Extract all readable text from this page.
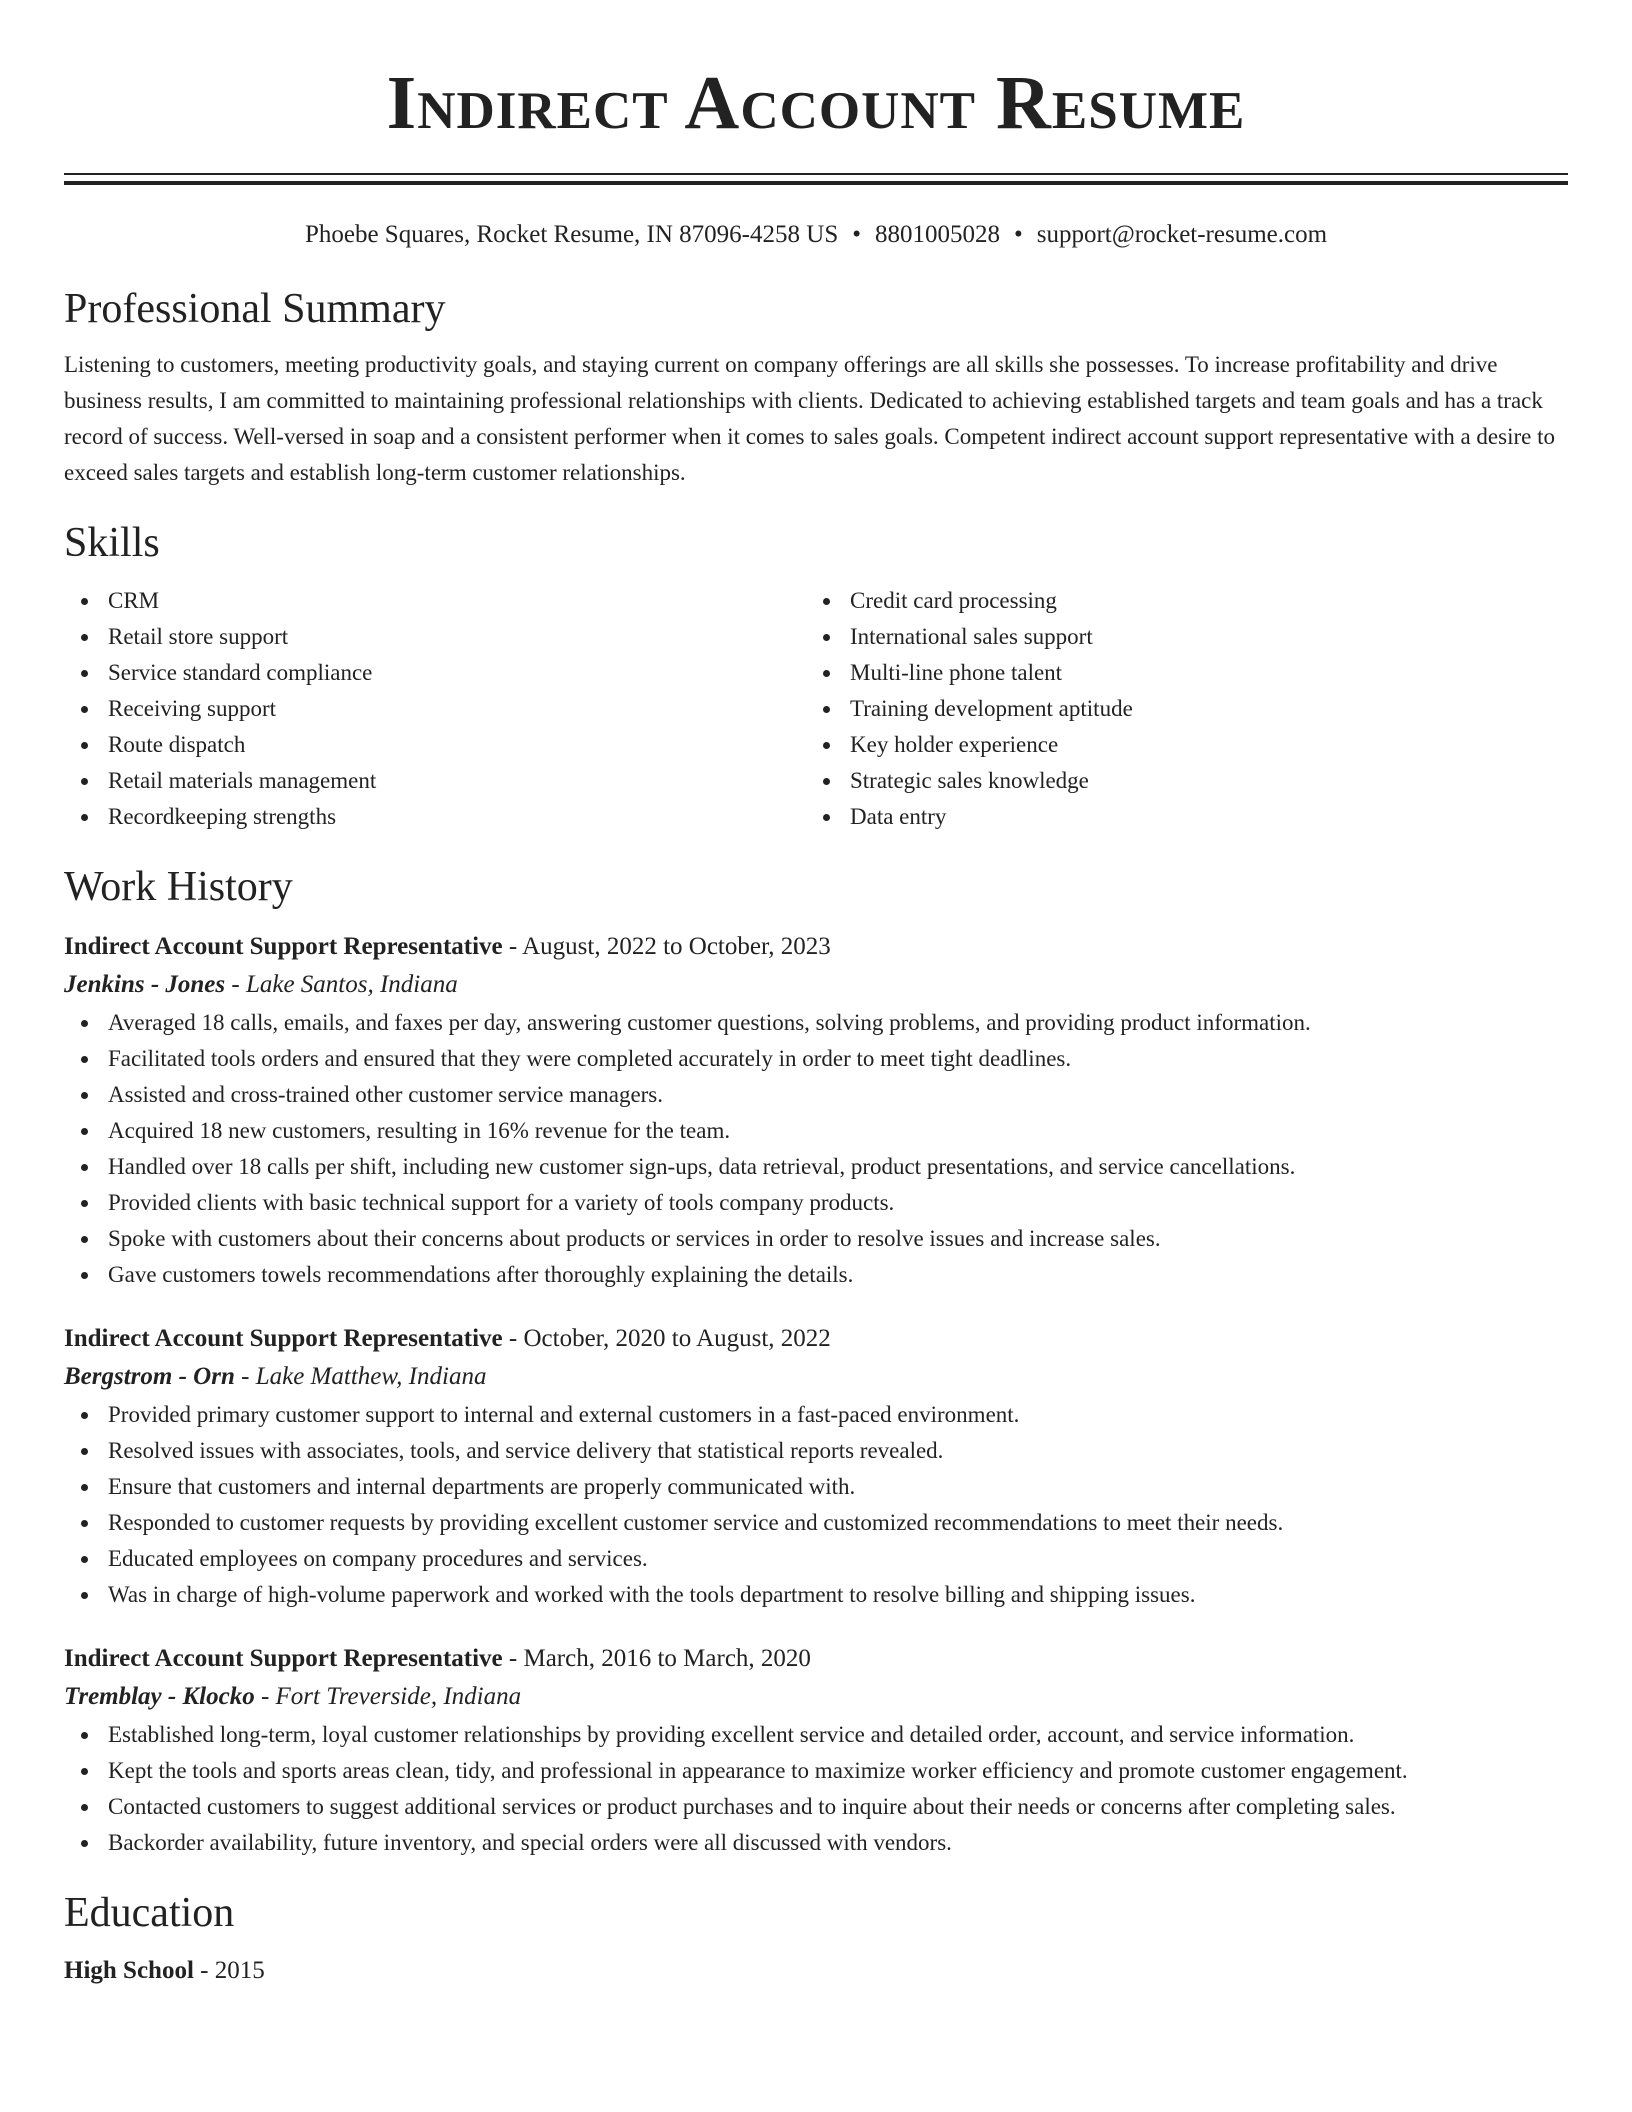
Indirect Account Resume
Phoebe Squares, Rocket Resume, IN 87096-4258 US • 8801005028 • support@rocket-resume.com
Professional Summary

Listening to customers, meeting productivity goals, and staying current on company offerings are all skills she possesses. To increase profitability and drive business results, I am committed to maintaining professional relationships with clients. Dedicated to achieving established targets and team goals and has a track record of success. Well-versed in soap and a consistent performer when it comes to sales goals. Competent indirect account support representative with a desire to exceed sales targets and establish long-term customer relationships.

Skills
CRM
Retail store support
Service standard compliance
Receiving support
Route dispatch
Retail materials management
Recordkeeping strengths
Credit card processing
International sales support
Multi-line phone talent
Training development aptitude
Key holder experience
Strategic sales knowledge
Data entry
Work History
Indirect Account Support Representative - August, 2022 to October, 2023
Jenkins - Jones - Lake Santos, Indiana
Averaged 18 calls, emails, and faxes per day, answering customer questions, solving problems, and providing product information.
Facilitated tools orders and ensured that they were completed accurately in order to meet tight deadlines.
Assisted and cross-trained other customer service managers.
Acquired 18 new customers, resulting in 16% revenue for the team.
Handled over 18 calls per shift, including new customer sign-ups, data retrieval, product presentations, and service cancellations.
Provided clients with basic technical support for a variety of tools company products.
Spoke with customers about their concerns about products or services in order to resolve issues and increase sales.
Gave customers towels recommendations after thoroughly explaining the details.
Indirect Account Support Representative - October, 2020 to August, 2022
Bergstrom - Orn - Lake Matthew, Indiana
Provided primary customer support to internal and external customers in a fast-paced environment.
Resolved issues with associates, tools, and service delivery that statistical reports revealed.
Ensure that customers and internal departments are properly communicated with.
Responded to customer requests by providing excellent customer service and customized recommendations to meet their needs.
Educated employees on company procedures and services.
Was in charge of high-volume paperwork and worked with the tools department to resolve billing and shipping issues.
Indirect Account Support Representative - March, 2016 to March, 2020
Tremblay - Klocko - Fort Treverside, Indiana
Established long-term, loyal customer relationships by providing excellent service and detailed order, account, and service information.
Kept the tools and sports areas clean, tidy, and professional in appearance to maximize worker efficiency and promote customer engagement.
Contacted customers to suggest additional services or product purchases and to inquire about their needs or concerns after completing sales.
Backorder availability, future inventory, and special orders were all discussed with vendors.
Education
High School - 2015
